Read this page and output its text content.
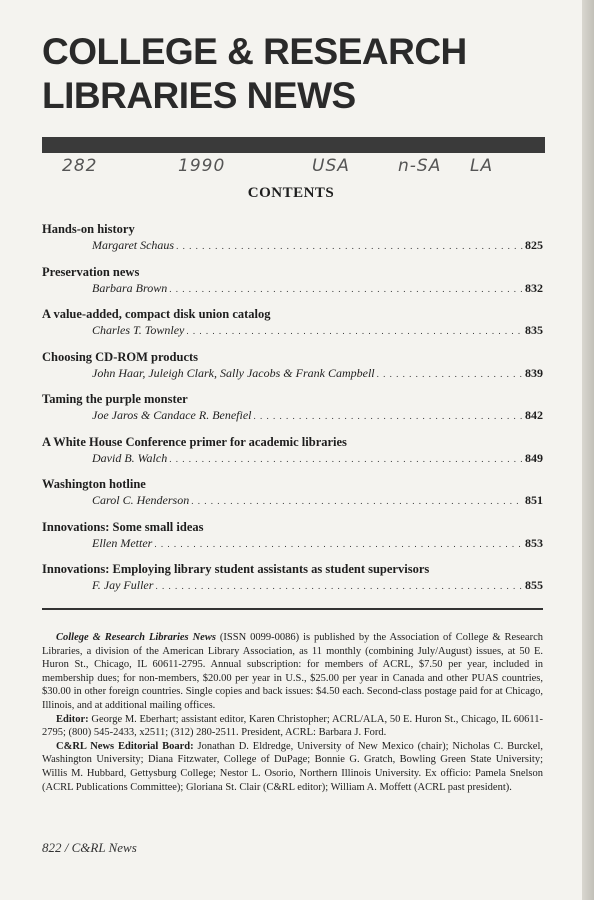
COLLEGE & RESEARCH
LIBRARIES NEWS
282	1990	USA	n-SA LA
CONTENTS
Hands-on history
Margaret Schaus . . .	825
Preservation news
Barbara Brown . . .	832
A value-added, compact disk union catalog
Charles T. Townley . . .	835
Choosing CD-ROM products
John Haar, Juleigh Clark, Sally Jacobs & Frank Campbell . . .	839
Taming the purple monster
Joe Jaros & Candace R. Benefiel . . .	842
A White House Conference primer for academic libraries
David B. Walch . . .	849
Washington hotline
Carol C. Henderson . . .	851
Innovations: Some small ideas
Ellen Metter . . .	853
Innovations: Employing library student assistants as student supervisors
F. Jay Fuller . . .	855

College & Research Libraries News (ISSN 0099-0086) is published by the Association of College & Research Libraries, a division of the American Library Association, as 11 monthly (combining July/August) issues, at 50 E. Huron St., Chicago, IL 60611-2795. Annual subscription: for members of ACRL, $7.50 per year, included in membership dues; for non-members, $20.00 per year in U.S., $25.00 per year in Canada and other PUAS countries, $30.00 in other foreign countries. Single copies and back issues: $4.50 each. Second-class postage paid for at Chicago, Illinois, and at additional mailing offices.

Editor: George M. Eberhart; assistant editor, Karen Christopher; ACRL/ALA, 50 E. Huron St., Chicago, IL 60611-2795; (800) 545-2433, x2511; (312) 280-2511. President, ACRL: Barbara J. Ford.

C&RL News Editorial Board: Jonathan D. Eldredge, University of New Mexico (chair); Nicholas C. Burckel, Washington University; Diana Fitzwater, College of DuPage; Bonnie G. Gratch, Bowling Green State University; Willis M. Hubbard, Gettysburg College; Nestor L. Osorio, Northern Illinois University. Ex officio: Pamela Snelson (ACRL Publications Committee); Gloriana St. Clair (C&RL editor); William A. Moffett (ACRL past president).

822 / C&RL News
